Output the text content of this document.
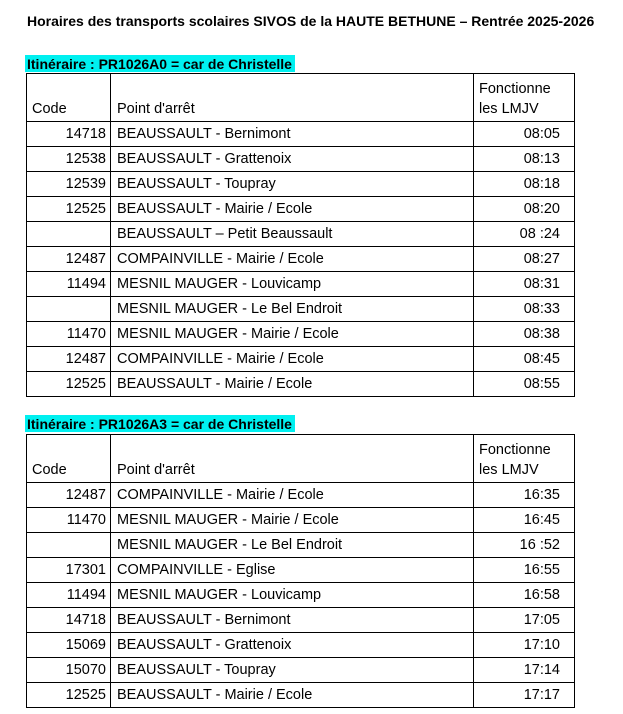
Horaires des transports scolaires SIVOS de la HAUTE BETHUNE – Rentrée 2025-2026
Itinéraire : PR1026A0 = car de Christelle
Code	Point d'arrêt	Fonctionne
les LMJV
14718	BEAUSSAULT - Bernimont	08:05
12538	BEAUSSAULT - Grattenoix	08:13
12539	BEAUSSAULT - Toupray	08:18
12525	BEAUSSAULT - Mairie / Ecole	08:20
	BEAUSSAULT – Petit Beaussault	08 :24
12487	COMPAINVILLE - Mairie / Ecole	08:27
11494	MESNIL MAUGER - Louvicamp	08:31
	MESNIL MAUGER - Le Bel Endroit	08:33
11470	MESNIL MAUGER - Mairie / Ecole	08:38
12487	COMPAINVILLE - Mairie / Ecole	08:45
12525	BEAUSSAULT - Mairie / Ecole	08:55
Itinéraire : PR1026A3 = car de Christelle
Code	Point d'arrêt	Fonctionne
les LMJV
12487	COMPAINVILLE - Mairie / Ecole	16:35
11470	MESNIL MAUGER - Mairie / Ecole	16:45
	MESNIL MAUGER - Le Bel Endroit	16 :52
17301	COMPAINVILLE - Eglise	16:55
11494	MESNIL MAUGER - Louvicamp	16:58
14718	BEAUSSAULT - Bernimont	17:05
15069	BEAUSSAULT - Grattenoix	17:10
15070	BEAUSSAULT - Toupray	17:14
12525	BEAUSSAULT - Mairie / Ecole	17:17
